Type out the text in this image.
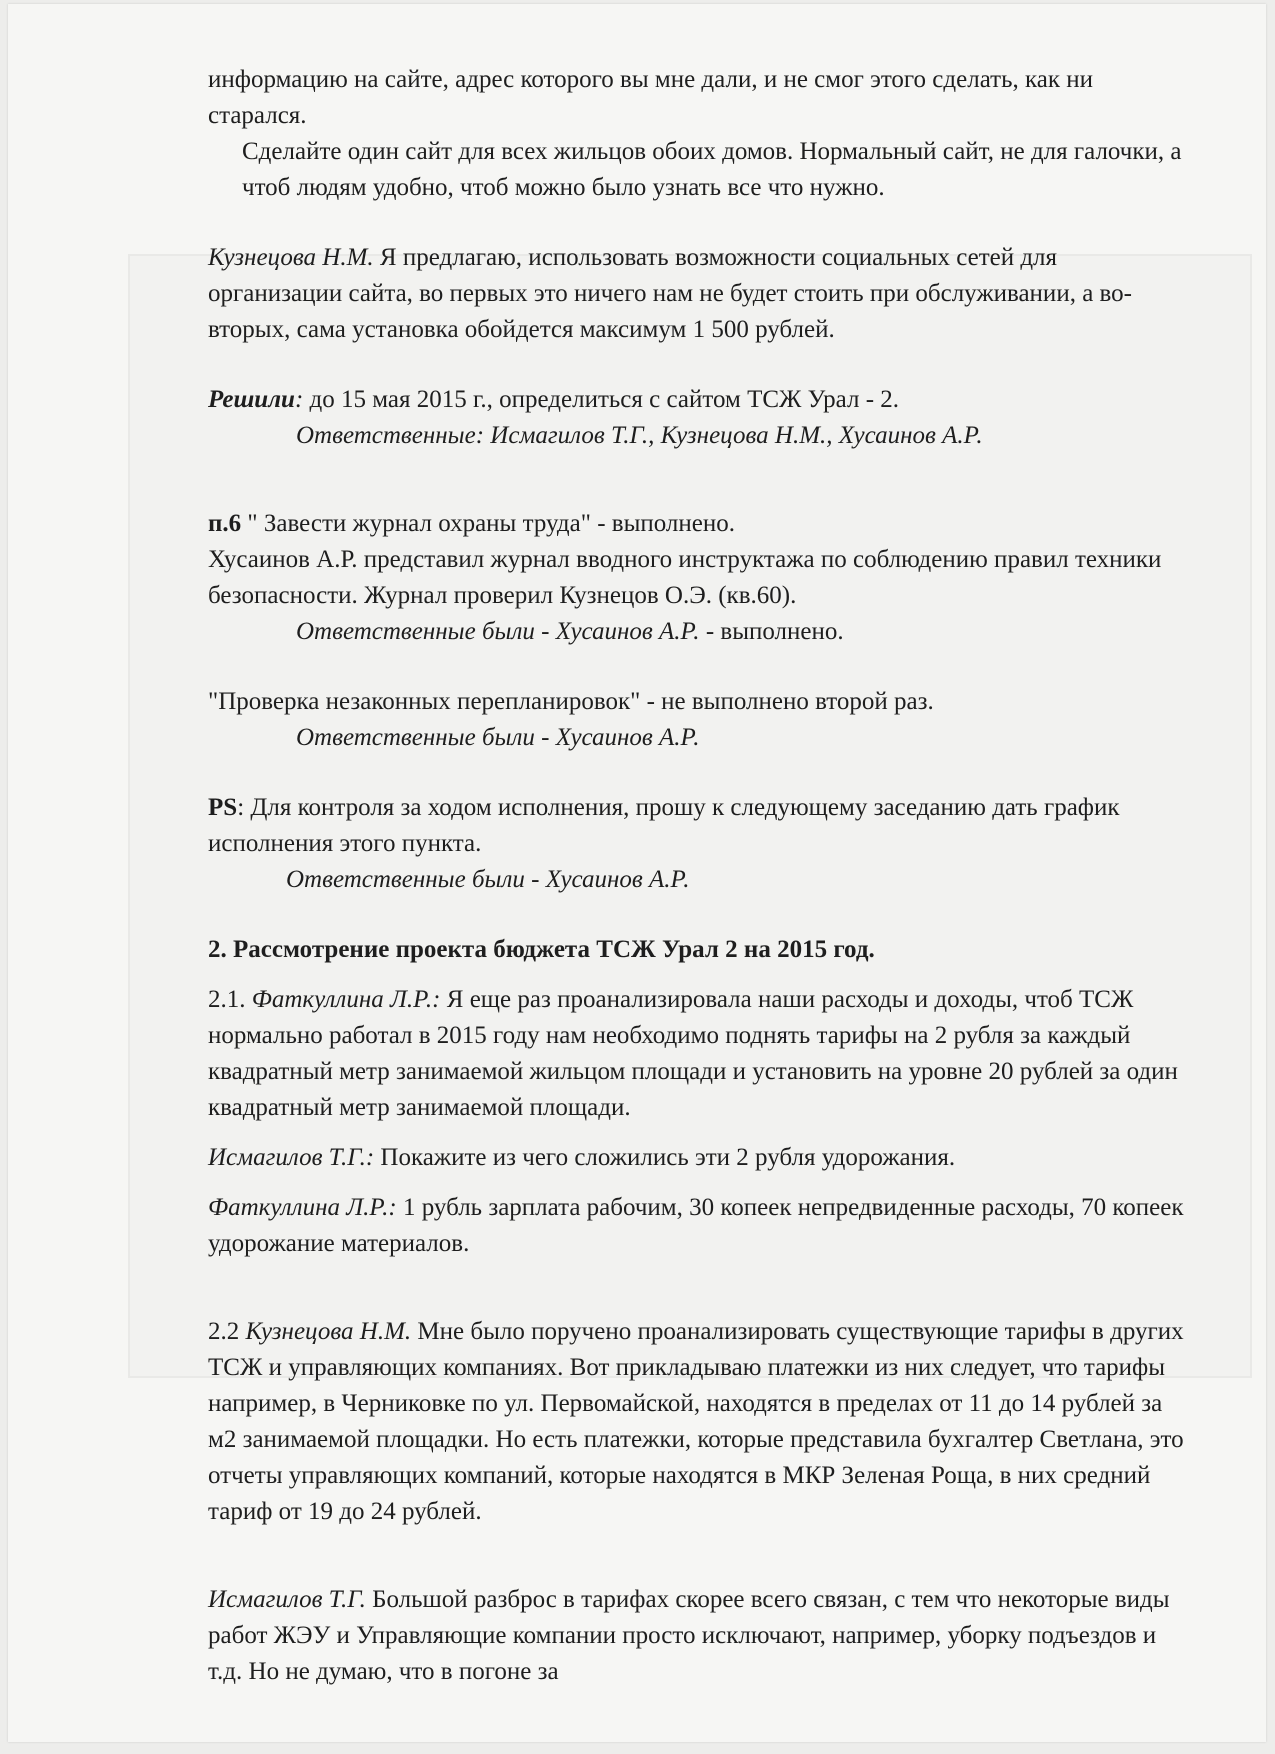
информацию на сайте, адрес которого вы мне дали, и не смог этого сделать, как ни старался.

Сделайте один сайт для всех жильцов обоих домов. Нормальный сайт, не для галочки, а чтоб людям удобно, чтоб можно было узнать все что нужно.

Кузнецова Н.М. Я предлагаю, использовать возможности социальных сетей для организации сайта, во первых это ничего нам не будет стоить при обслуживании, а во-вторых, сама установка обойдется максимум 1 500 рублей.

Решили: до 15 мая 2015 г., определиться с сайтом ТСЖ Урал - 2.

Ответственные: Исмагилов Т.Г., Кузнецова Н.М., Хусаинов А.Р.

п.6 " Завести журнал охраны труда" - выполнено.

Хусаинов А.Р. представил журнал вводного инструктажа по соблюдению правил техники безопасности. Журнал проверил Кузнецов О.Э. (кв.60).

Ответственные были - Хусаинов А.Р. - выполнено.

"Проверка незаконных перепланировок" - не выполнено второй раз.

Ответственные были - Хусаинов А.Р.

PS: Для контроля за ходом исполнения, прошу к следующему заседанию дать график исполнения этого пункта.

Ответственные были - Хусаинов А.Р.

2. Рассмотрение проекта бюджета ТСЖ Урал 2 на 2015 год.

2.1. Фаткуллина Л.Р.: Я еще раз проанализировала наши расходы и доходы, чтоб ТСЖ нормально работал в 2015 году нам необходимо поднять тарифы на 2 рубля за каждый квадратный метр занимаемой жильцом площади и установить на уровне 20 рублей за один квадратный метр занимаемой площади.

Исмагилов Т.Г.: Покажите из чего сложились эти 2 рубля удорожания.

Фаткуллина Л.Р.: 1 рубль зарплата рабочим, 30 копеек непредвиденные расходы, 70 копеек удорожание материалов.

2.2 Кузнецова Н.М. Мне было поручено проанализировать существующие тарифы в других ТСЖ и управляющих компаниях. Вот прикладываю платежки из них следует, что тарифы например, в Черниковке по ул. Первомайской, находятся в пределах от 11 до 14 рублей за м2 занимаемой площадки. Но есть платежки, которые представила бухгалтер Светлана, это отчеты управляющих компаний, которые находятся в МКР Зеленая Роща, в них средний тариф от 19 до 24 рублей.

Исмагилов Т.Г. Большой разброс в тарифах скорее всего связан, с тем что некоторые виды работ ЖЭУ и Управляющие компании просто исключают, например, уборку подъездов и т.д. Но не думаю, что в погоне за
